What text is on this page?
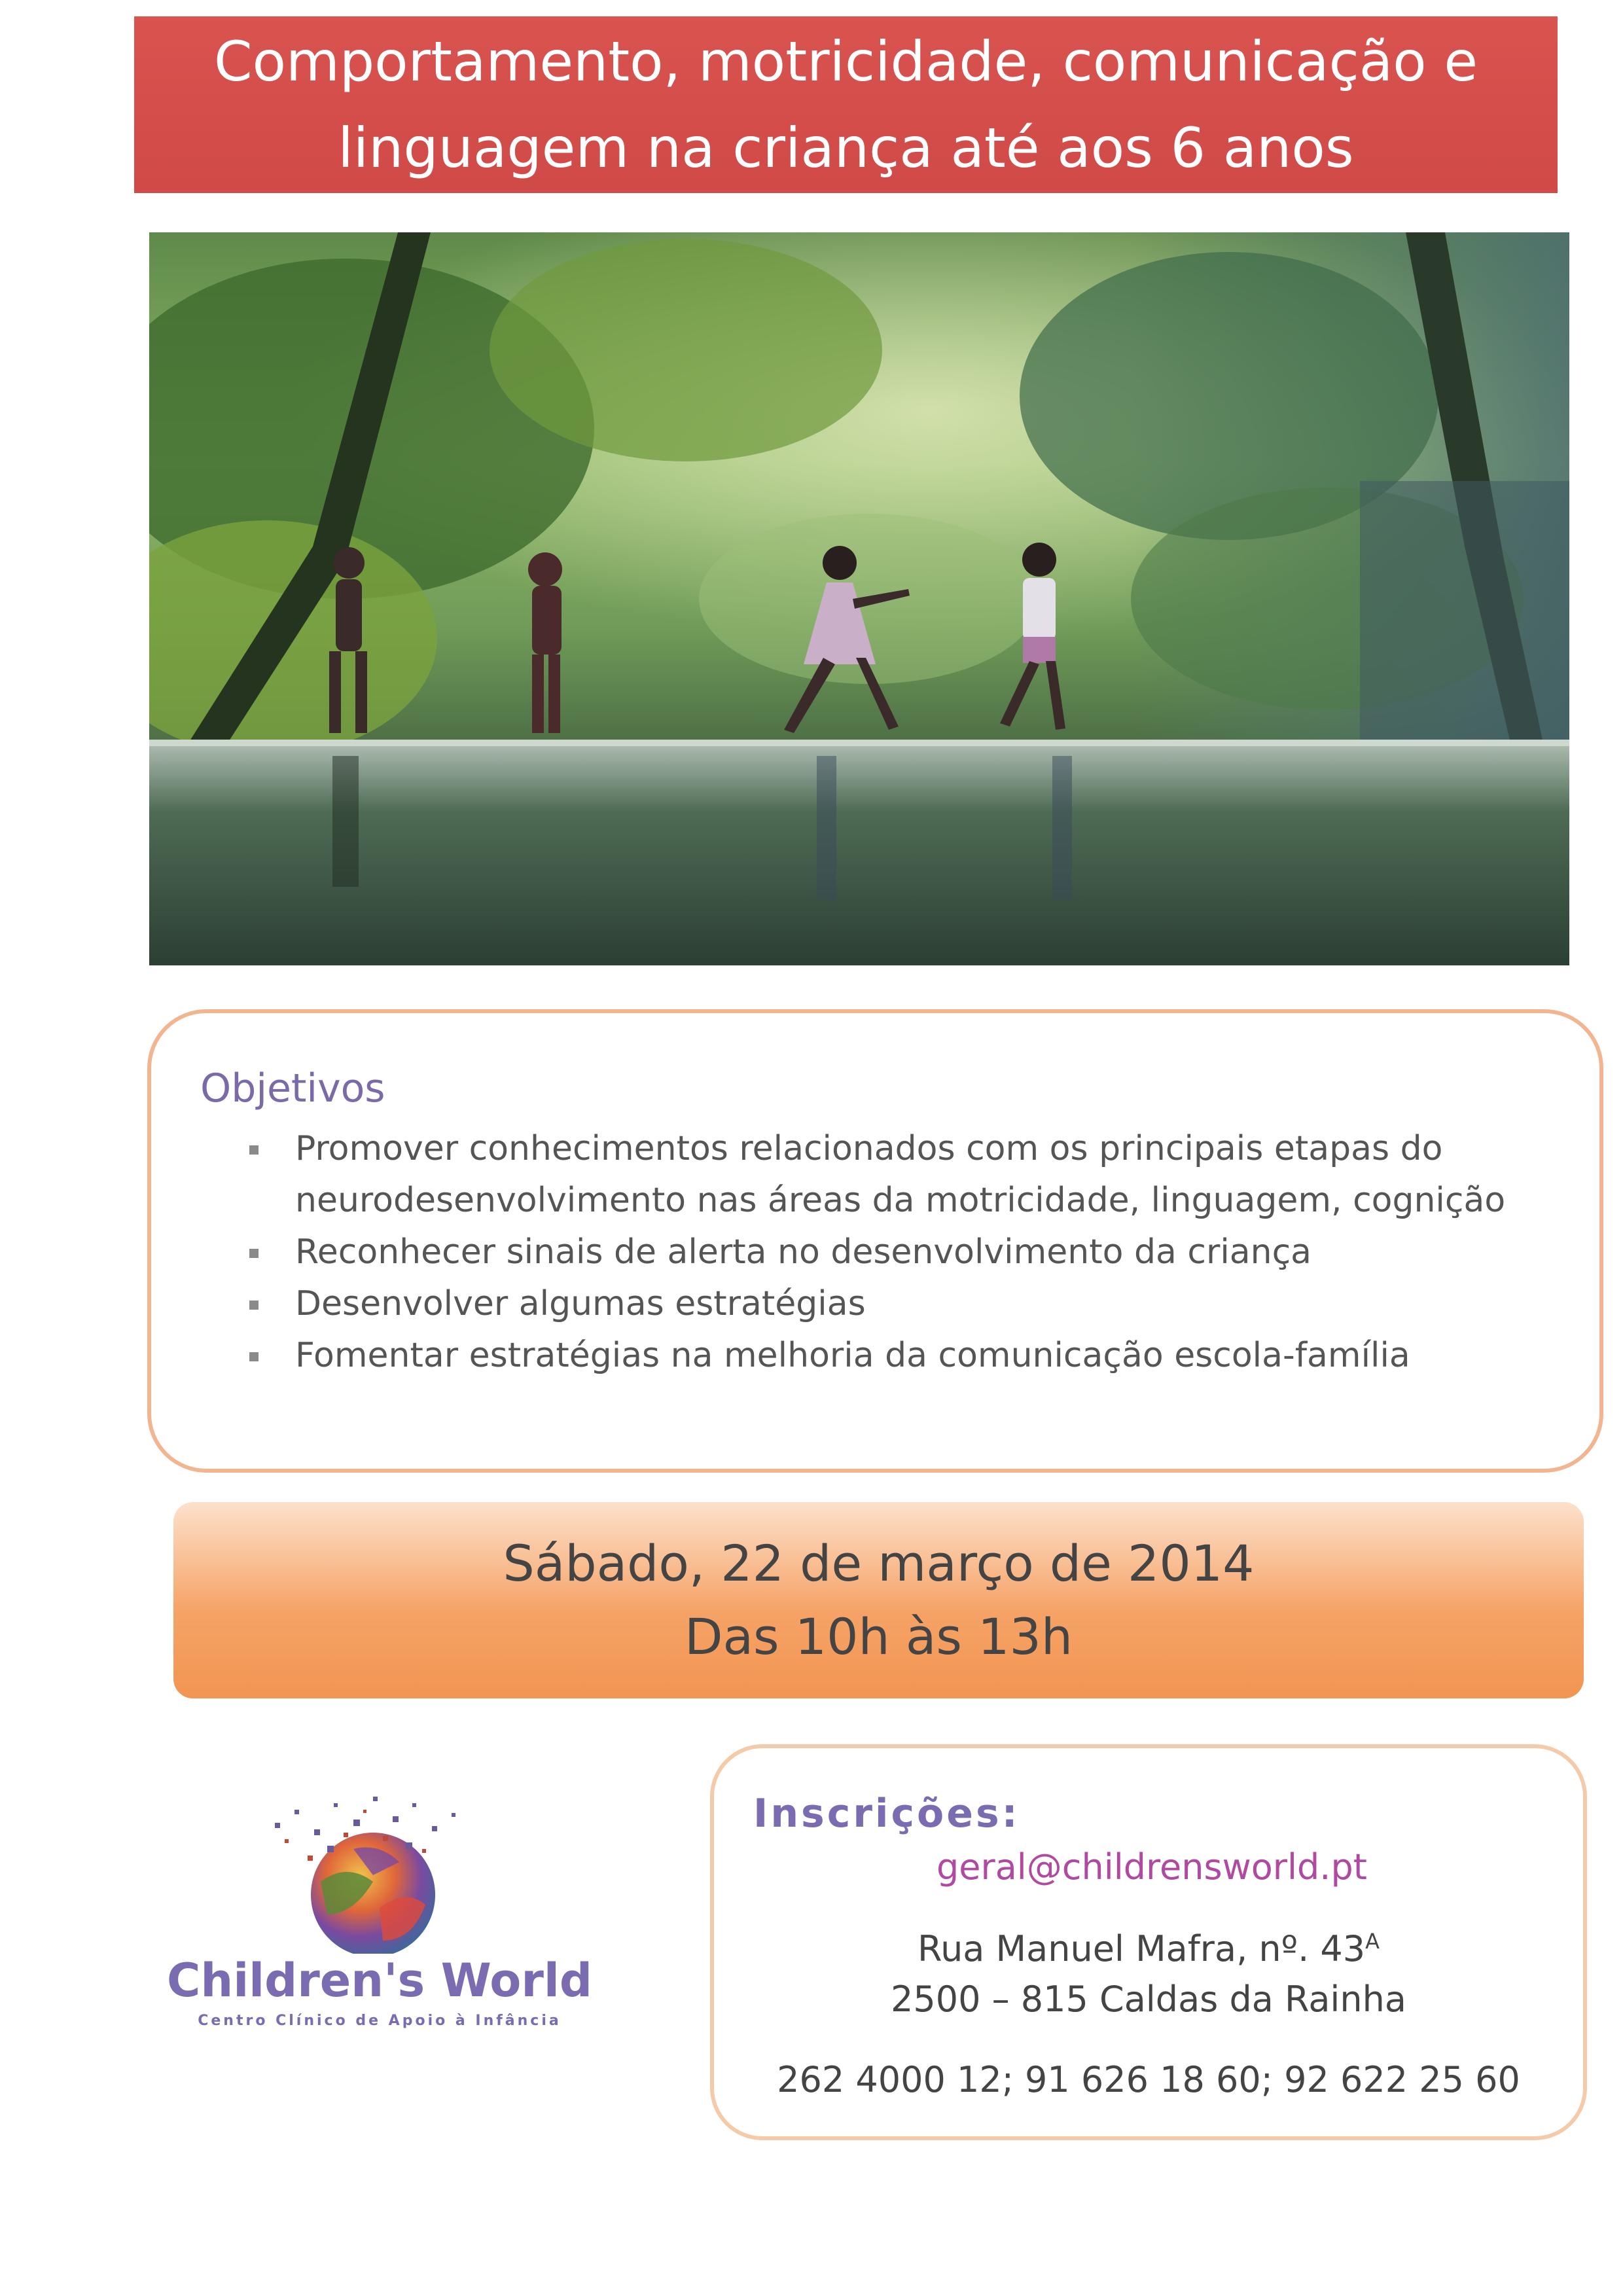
Comportamento, motricidade, comunicação e
linguagem na criança até aos 6 anos
Objetivos
Promover conhecimentos relacionados com os principais etapas do neurodesenvolvimento nas áreas da motricidade, linguagem, cognição
Reconhecer sinais de alerta no desenvolvimento da criança
Desenvolver algumas estratégias
Fomentar estratégias na melhoria da comunicação escola-família
Sábado, 22 de março de 2014
Das 10h às 13h
Children's World
Centro Clínico de Apoio à Infância
Inscrições:
geral@childrensworld.pt
Rua Manuel Mafra, nº. $43^A$
2500 – 815 Caldas da Rainha
262 4000 12; 91 626 18 60; 92 622 25 60
